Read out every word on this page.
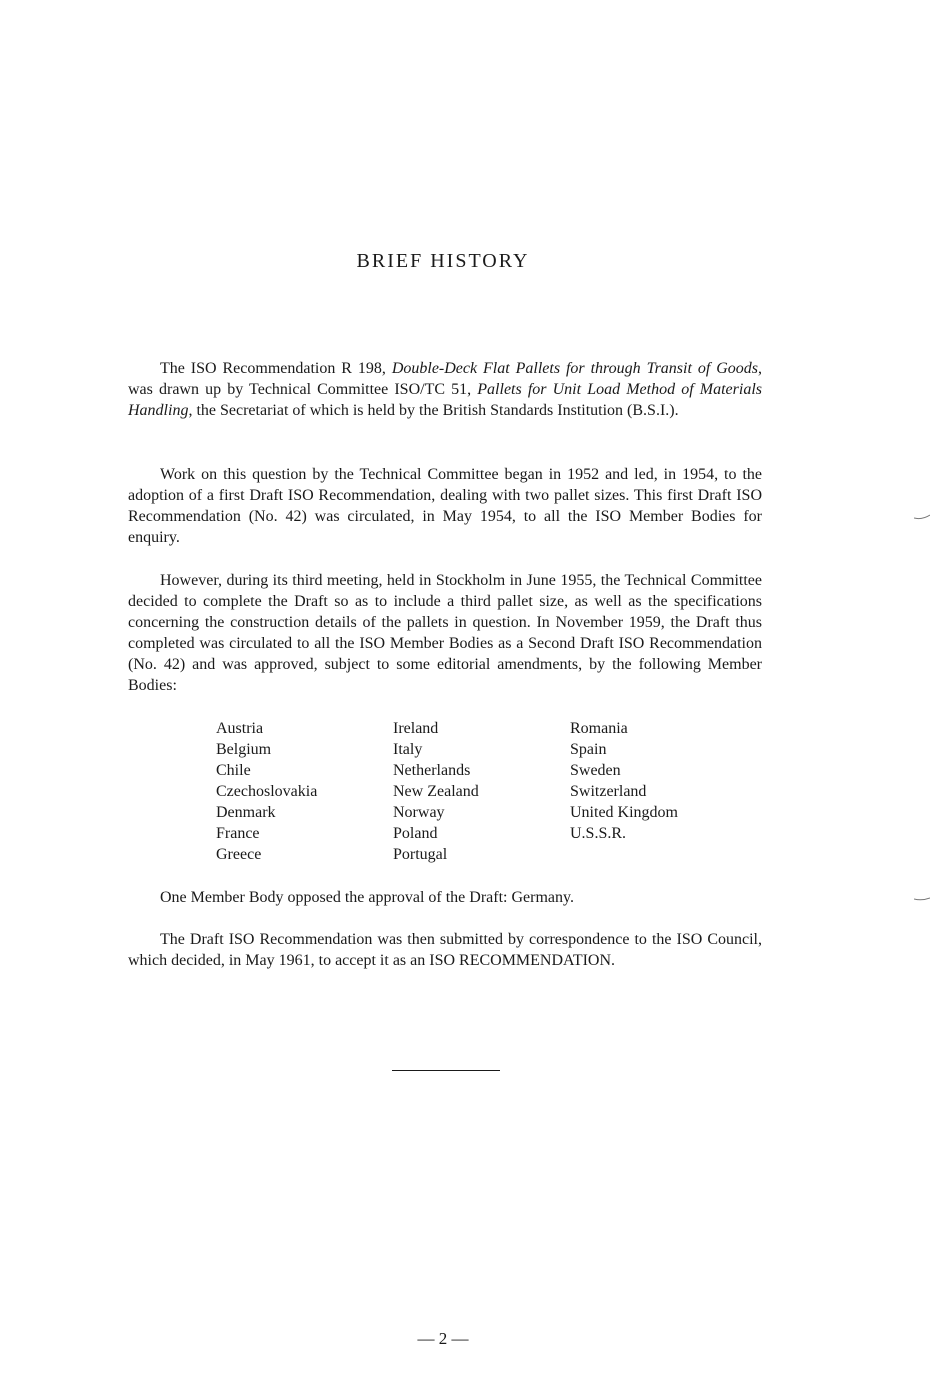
BRIEF HISTORY

The ISO Recommendation R 198, Double-Deck Flat Pallets for through Transit of Goods, was drawn up by Technical Committee ISO/TC 51, Pallets for Unit Load Method of Materials Handling, the Secretariat of which is held by the British Standards Institution (B.S.I.).

Work on this question by the Technical Committee began in 1952 and led, in 1954, to the adoption of a first Draft ISO Recommendation, dealing with two pallet sizes. This first Draft ISO Recommendation (No. 42) was circulated, in May 1954, to all the ISO Member Bodies for enquiry.

However, during its third meeting, held in Stockholm in June 1955, the Technical Committee decided to complete the Draft so as to include a third pallet size, as well as the specifications concerning the construction details of the pallets in question. In November 1959, the Draft thus completed was circulated to all the ISO Member Bodies as a Second Draft ISO Recommendation (No. 42) and was approved, subject to some editorial amendments, by the following Member Bodies:

Austria
Belgium
Chile
Czechoslovakia
Denmark
France
Greece
Ireland
Italy
Netherlands
New Zealand
Norway
Poland
Portugal
Romania
Spain
Sweden
Switzerland
United Kingdom
U.S.S.R.

One Member Body opposed the approval of the Draft: Germany.

The Draft ISO Recommendation was then submitted by correspondence to the ISO Council, which decided, in May 1961, to accept it as an ISO RECOMMENDATION.

— 2 —
